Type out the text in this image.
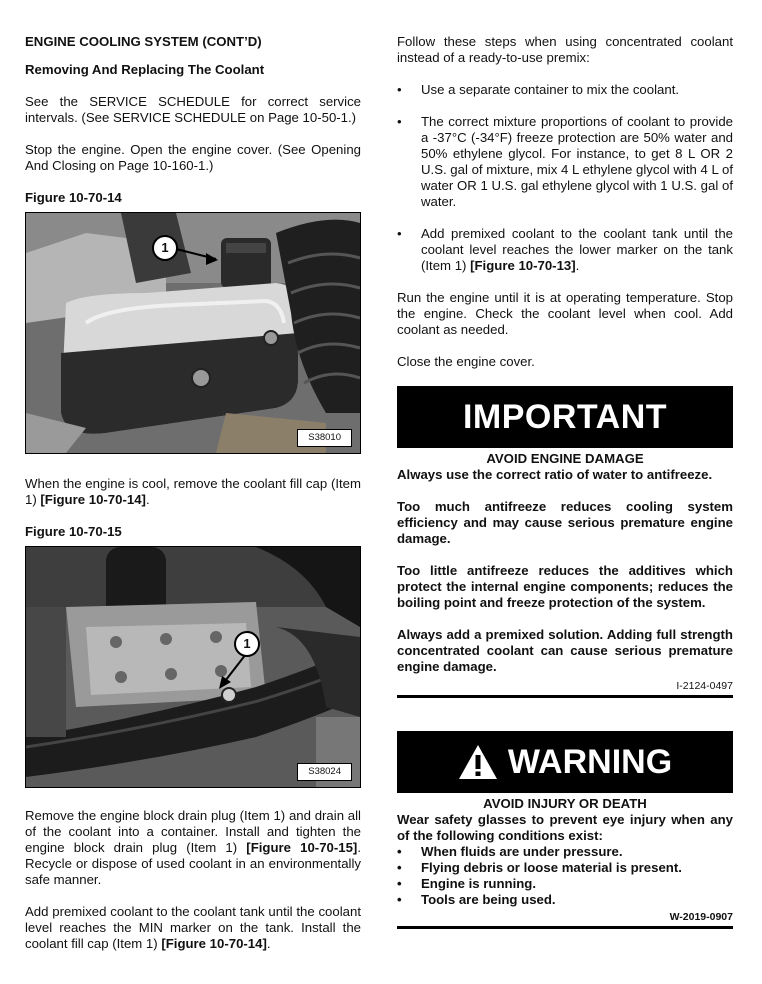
ENGINE COOLING SYSTEM (CONT’D)

Removing And Replacing The Coolant

See the SERVICE SCHEDULE for correct service intervals. (See SERVICE SCHEDULE on Page 10-50-1.)

Stop the engine. Open the engine cover. (See Opening And Closing on Page 10-160-1.)

Figure 10-70-14

1
S38010

When the engine is cool, remove the coolant fill cap (Item 1) [Figure 10-70-14].

Figure 10-70-15

1
S38024

Remove the engine block drain plug (Item 1) and drain all of the coolant into a container. Install and tighten the engine block drain plug (Item 1) [Figure 10-70-15]. Recycle or dispose of used coolant in an environmentally safe manner.

Add premixed coolant to the coolant tank until the coolant level reaches the MIN marker on the tank. Install the coolant fill cap (Item 1) [Figure 10-70-14].

Follow these steps when using concentrated coolant instead of a ready-to-use premix:

• Use a separate container to mix the coolant.
• The correct mixture proportions of coolant to provide a -37°C (-34°F) freeze protection are 50% water and 50% ethylene glycol. For instance, to get 8 L OR 2 U.S. gal of mixture, mix 4 L ethylene glycol with 4 L of water OR 1 U.S. gal ethylene glycol with 1 U.S. gal of water.
• Add premixed coolant to the coolant tank until the coolant level reaches the lower marker on the tank (Item 1) [Figure 10-70-13].

Run the engine until it is at operating temperature. Stop the engine. Check the coolant level when cool. Add coolant as needed.

Close the engine cover.

IMPORTANT

AVOID ENGINE DAMAGE

Always use the correct ratio of water to antifreeze.

Too much antifreeze reduces cooling system efficiency and may cause serious premature engine damage.

Too little antifreeze reduces the additives which protect the internal engine components; reduces the boiling point and freeze protection of the system.

Always add a premixed solution. Adding full strength concentrated coolant can cause serious premature engine damage.

I-2124-0497

WARNING

AVOID INJURY OR DEATH

Wear safety glasses to prevent eye injury when any of the following conditions exist:

• When fluids are under pressure.
• Flying debris or loose material is present.
• Engine is running.
• Tools are being used.

W-2019-0907
